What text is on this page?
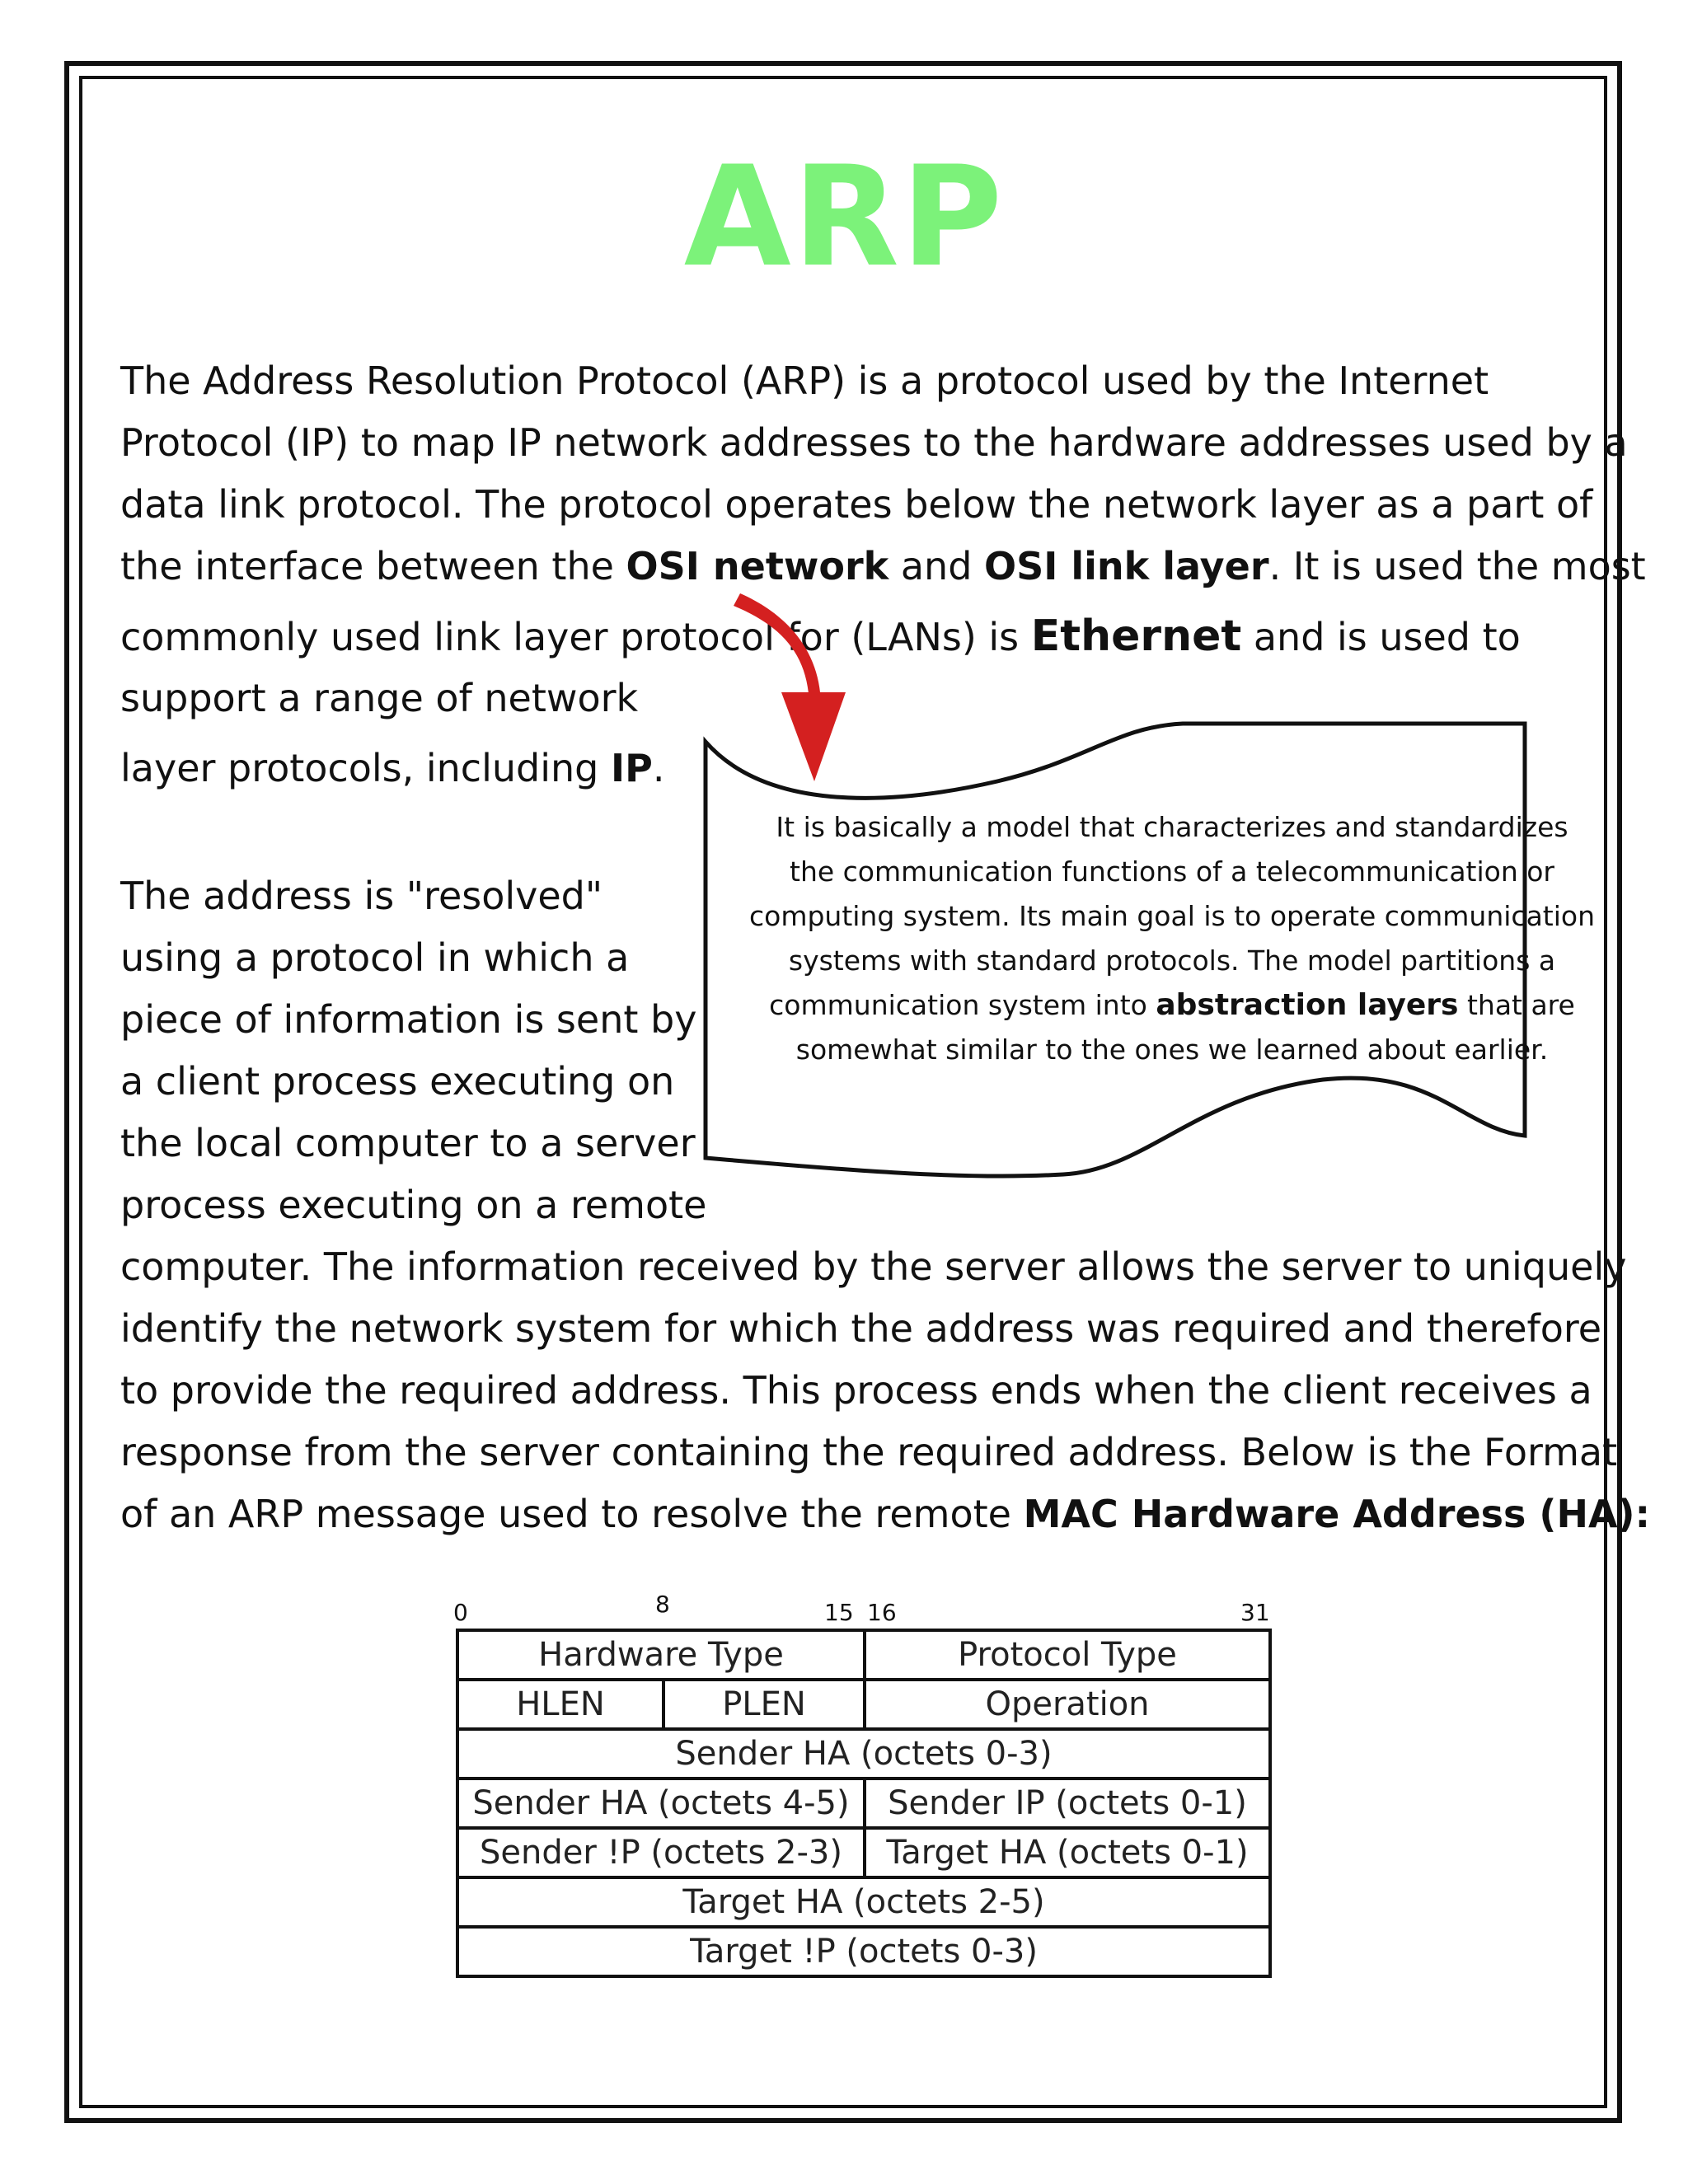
ARP

The Address Resolution Protocol (ARP) is a protocol used by the Internet

Protocol (IP) to map IP network addresses to the hardware addresses used by a

data link protocol. The protocol operates below the network layer as a part of

the interface between the OSI network and OSI link layer. It is used the most

commonly used link layer protocol for (LANs) is Ethernet and is used to

support a range of network

layer protocols, including IP.

The address is "resolved"

using a protocol in which a

piece of information is sent by

a client process executing on

the local computer to a server

process executing on a remote

computer. The information received by the server allows the server to uniquely

identify the network system for which the address was required and therefore

to provide the required address. This process ends when the client receives a

response from the server containing the required address. Below is the Format

of an ARP message used to resolve the remote MAC Hardware Address (HA):

It is basically a model that characterizes and standardizes
the communication functions of a telecommunication or
computing system. Its main goal is to operate communication
systems with standard protocols. The model partitions a
communication system into abstraction layers that are
somewhat similar to the ones we learned about earlier.
0	8	15 16	31
Hardware Type		Protocol Type
HLEN	PLEN	Operation
Sender HA (octets 0-3)		
Sender HA (octets 4-5)		Sender IP (octets 0-1)
Sender !P (octets 2-3)		Target HA (octets 0-1)
Target HA (octets 2-5)		
Target !P (octets 0-3)		
